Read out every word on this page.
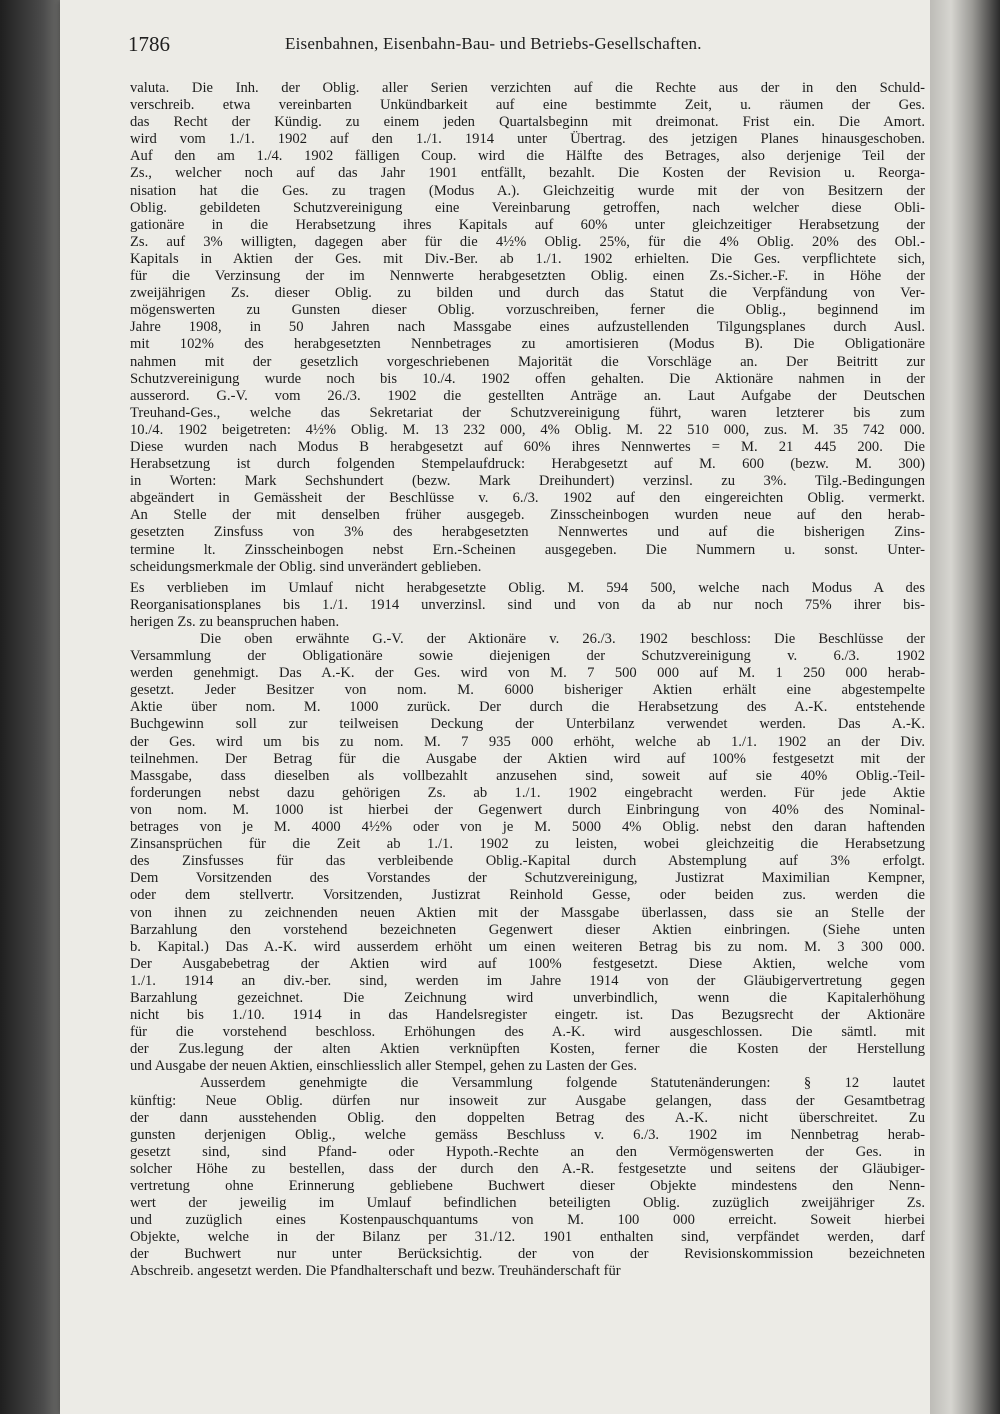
1786	Eisenbahnen, Eisenbahn-Bau- und Betriebs-Gesellschaften.
valuta. Die Inh. der Oblig. aller Serien verzichten auf die Rechte aus der in den Schuld-
verschreib. etwa vereinbarten Unkündbarkeit auf eine bestimmte Zeit, u. räumen der Ges.
das Recht der Kündig. zu einem jeden Quartalsbeginn mit dreimonat. Frist ein. Die Amort.
wird vom 1./1. 1902 auf den 1./1. 1914 unter Übertrag. des jetzigen Planes hinausgeschoben.
Auf den am 1./4. 1902 fälligen Coup. wird die Hälfte des Betrages, also derjenige Teil der
Zs., welcher noch auf das Jahr 1901 entfällt, bezahlt. Die Kosten der Revision u. Reorga-
nisation hat die Ges. zu tragen (Modus A.). Gleichzeitig wurde mit der von Besitzern der
Oblig. gebildeten Schutzvereinigung eine Vereinbarung getroffen, nach welcher diese Obli-
gationäre in die Herabsetzung ihres Kapitals auf 60% unter gleichzeitiger Herabsetzung der
Zs. auf 3% willigten, dagegen aber für die 4½% Oblig. 25%, für die 4% Oblig. 20% des Obl.-
Kapitals in Aktien der Ges. mit Div.-Ber. ab 1./1. 1902 erhielten. Die Ges. verpflichtete sich,
für die Verzinsung der im Nennwerte herabgesetzten Oblig. einen Zs.-Sicher.-F. in Höhe der
zweijährigen Zs. dieser Oblig. zu bilden und durch das Statut die Verpfändung von Ver-
mögenswerten zu Gunsten dieser Oblig. vorzuschreiben, ferner die Oblig., beginnend im
Jahre 1908, in 50 Jahren nach Massgabe eines aufzustellenden Tilgungsplanes durch Ausl.
mit 102% des herabgesetzten Nennbetrages zu amortisieren (Modus B). Die Obligationäre
nahmen mit der gesetzlich vorgeschriebenen Majorität die Vorschläge an. Der Beitritt zur
Schutzvereinigung wurde noch bis 10./4. 1902 offen gehalten. Die Aktionäre nahmen in der
ausserord. G.-V. vom 26./3. 1902 die gestellten Anträge an. Laut Aufgabe der Deutschen
Treuhand-Ges., welche das Sekretariat der Schutzvereinigung führt, waren letzterer bis zum
10./4. 1902 beigetreten: 4½% Oblig. M. 13 232 000, 4% Oblig. M. 22 510 000, zus. M. 35 742 000.
Diese wurden nach Modus B herabgesetzt auf 60% ihres Nennwertes = M. 21 445 200. Die
Herabsetzung ist durch folgenden Stempelaufdruck: Herabgesetzt auf M. 600 (bezw. M. 300)
in Worten: Mark Sechshundert (bezw. Mark Dreihundert) verzinsl. zu 3%. Tilg.-Bedingungen
abgeändert in Gemässheit der Beschlüsse v. 6./3. 1902 auf den eingereichten Oblig. vermerkt.
An Stelle der mit denselben früher ausgegeb. Zinsscheinbogen wurden neue auf den herab-
gesetzten Zinsfuss von 3% des herabgesetzten Nennwertes und auf die bisherigen Zins-
termine lt. Zinsscheinbogen nebst Ern.-Scheinen ausgegeben. Die Nummern u. sonst. Unter-
scheidungsmerkmale der Oblig. sind unverändert geblieben.
Es verblieben im Umlauf nicht herabgesetzte Oblig. M. 594 500, welche nach Modus A des
Reorganisationsplanes bis 1./1. 1914 unverzinsl. sind und von da ab nur noch 75% ihrer bis-
herigen Zs. zu beanspruchen haben.
Die oben erwähnte G.-V. der Aktionäre v. 26./3. 1902 beschloss: Die Beschlüsse der
Versammlung der Obligationäre sowie diejenigen der Schutzvereinigung v. 6./3. 1902
werden genehmigt. Das A.-K. der Ges. wird von M. 7 500 000 auf M. 1 250 000 herab-
gesetzt. Jeder Besitzer von nom. M. 6000 bisheriger Aktien erhält eine abgestempelte
Aktie über nom. M. 1000 zurück. Der durch die Herabsetzung des A.-K. entstehende
Buchgewinn soll zur teilweisen Deckung der Unterbilanz verwendet werden. Das A.-K.
der Ges. wird um bis zu nom. M. 7 935 000 erhöht, welche ab 1./1. 1902 an der Div.
teilnehmen. Der Betrag für die Ausgabe der Aktien wird auf 100% festgesetzt mit der
Massgabe, dass dieselben als vollbezahlt anzusehen sind, soweit auf sie 40% Oblig.-Teil-
forderungen nebst dazu gehörigen Zs. ab 1./1. 1902 eingebracht werden. Für jede Aktie
von nom. M. 1000 ist hierbei der Gegenwert durch Einbringung von 40% des Nominal-
betrages von je M. 4000 4½% oder von je M. 5000 4% Oblig. nebst den daran haftenden
Zinsansprüchen für die Zeit ab 1./1. 1902 zu leisten, wobei gleichzeitig die Herabsetzung
des Zinsfusses für das verbleibende Oblig.-Kapital durch Abstemplung auf 3% erfolgt.
Dem Vorsitzenden des Vorstandes der Schutzvereinigung, Justizrat Maximilian Kempner,
oder dem stellvertr. Vorsitzenden, Justizrat Reinhold Gesse, oder beiden zus. werden die
von ihnen zu zeichnenden neuen Aktien mit der Massgabe überlassen, dass sie an Stelle der
Barzahlung den vorstehend bezeichneten Gegenwert dieser Aktien einbringen. (Siehe unten
b. Kapital.) Das A.-K. wird ausserdem erhöht um einen weiteren Betrag bis zu nom. M. 3 300 000.
Der Ausgabebetrag der Aktien wird auf 100% festgesetzt. Diese Aktien, welche vom
1./1. 1914 an div.-ber. sind, werden im Jahre 1914 von der Gläubigervertretung gegen
Barzahlung gezeichnet. Die Zeichnung wird unverbindlich, wenn die Kapitalerhöhung
nicht bis 1./10. 1914 in das Handelsregister eingetr. ist. Das Bezugsrecht der Aktionäre
für die vorstehend beschloss. Erhöhungen des A.-K. wird ausgeschlossen. Die sämtl. mit
der Zus.legung der alten Aktien verknüpften Kosten, ferner die Kosten der Herstellung
und Ausgabe der neuen Aktien, einschliesslich aller Stempel, gehen zu Lasten der Ges.
Ausserdem genehmigte die Versammlung folgende Statutenänderungen: § 12 lautet
künftig: Neue Oblig. dürfen nur insoweit zur Ausgabe gelangen, dass der Gesamtbetrag
der dann ausstehenden Oblig. den doppelten Betrag des A.-K. nicht überschreitet. Zu
gunsten derjenigen Oblig., welche gemäss Beschluss v. 6./3. 1902 im Nennbetrag herab-
gesetzt sind, sind Pfand- oder Hypoth.-Rechte an den Vermögenswerten der Ges. in
solcher Höhe zu bestellen, dass der durch den A.-R. festgesetzte und seitens der Gläubiger-
vertretung ohne Erinnerung gebliebene Buchwert dieser Objekte mindestens den Nenn-
wert der jeweilig im Umlauf befindlichen beteiligten Oblig. zuzüglich zweijähriger Zs.
und zuzüglich eines Kostenpauschquantums von M. 100 000 erreicht. Soweit hierbei
Objekte, welche in der Bilanz per 31./12. 1901 enthalten sind, verpfändet werden, darf
der Buchwert nur unter Berücksichtig. der von der Revisionskommission bezeichneten
Abschreib. angesetzt werden. Die Pfandhalterschaft und bezw. Treuhänderschaft für
